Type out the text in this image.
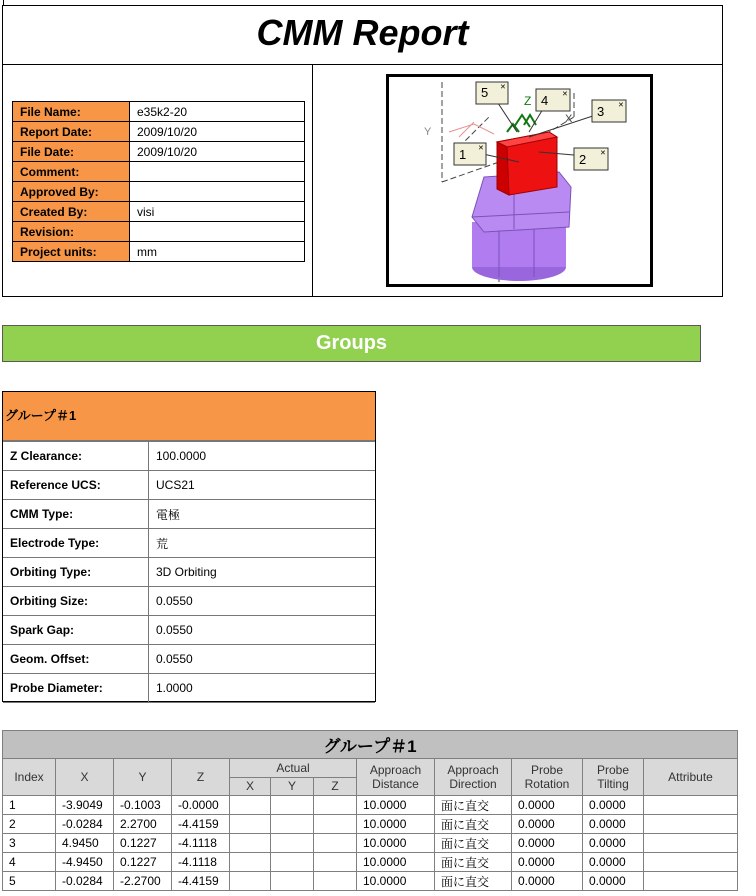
CMM Report
File Name:	e35k2-20
Report Date:	2009/10/20
File Date:	2009/10/20
Comment:	
Approved By:	
Created By:	visi
Revision:	
Project units:	mm
Z
X
Y
1 ✕
2 ✕
3 ✕
4 ✕
5 ✕
Groups
グループ＃1
Z Clearance:	100.0000
Reference UCS:	UCS21
CMM Type:	電極
Electrode Type:	荒
Orbiting Type:	3D Orbiting
Orbiting Size:	0.0550
Spark Gap:	0.0550
Geom. Offset:	0.0550
Probe Diameter:	1.0000
グループ＃1											
Index	X	Y	Z	Actual			Approach Distance	Approach Direction	Probe Rotation	Probe Tilting	Attribute
				X	Y	Z					
1	-3.9049	-0.1003	-0.0000				10.0000	面に直交	0.0000	0.0000	
2	-0.0284	2.2700	-4.4159				10.0000	面に直交	0.0000	0.0000	
3	4.9450	0.1227	-4.1118				10.0000	面に直交	0.0000	0.0000	
4	-4.9450	0.1227	-4.1118				10.0000	面に直交	0.0000	0.0000	
5	-0.0284	-2.2700	-4.4159				10.0000	面に直交	0.0000	0.0000	
